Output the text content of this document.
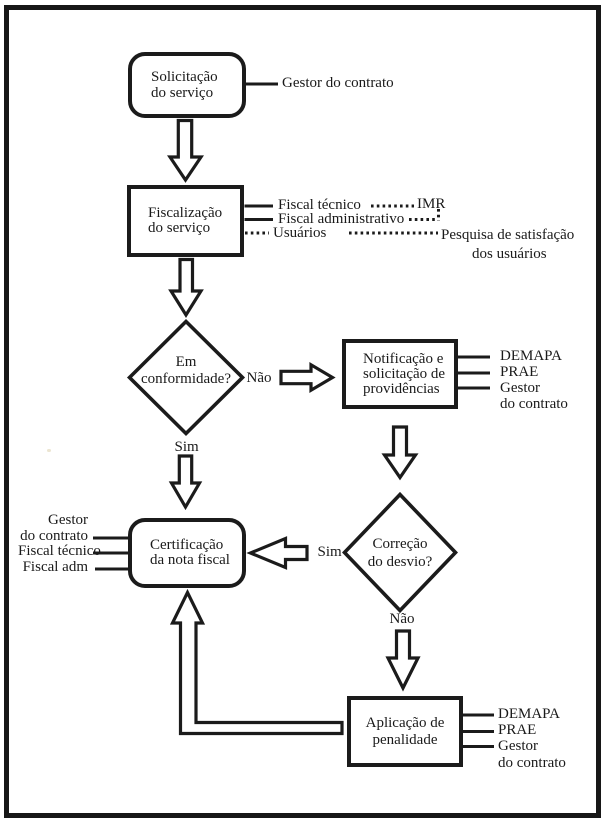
Solicitação
do serviço
Fiscalização
do serviço
Notificação e
solicitação de
providências
Certificação
da nota fiscal
Aplicação de
penalidade
Em
conformidade?
Correção
do desvio?
Gestor do contrato
Fiscal técnico	IMR
Fiscal administrativo
Usuários	Pesquisa de satisfação
dos usuários
Não
Sim
Sim
Não
DEMAPA
PRAE
Gestor
do contrato
Gestor
do contrato
Fiscal técnico
Fiscal adm
DEMAPA
PRAE
Gestor
do contrato
